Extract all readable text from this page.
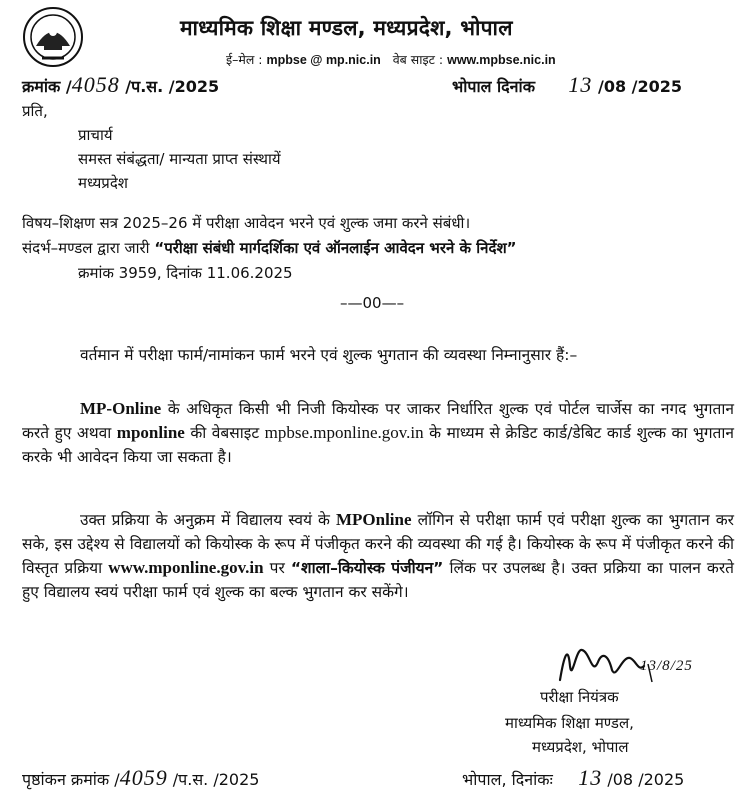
माध्यमिक शिक्षा मण्डल, मध्यप्रदेश, भोपाल
ई–मेल : mpbse @ mp.nic.in वेब साइट : www.mpbse.nic.in
क्रमांक /4058 /प.स. /2025	भोपाल दिनांक 13 /08 /2025
प्रति,
प्राचार्य
समस्त संबंद्धता/ मान्यता प्राप्त संस्थायें
मध्यप्रदेश
विषय–शिक्षण सत्र 2025–26 में परीक्षा आवेदन भरने एवं शुल्क जमा करने संबंधी।
संदर्भ–मण्डल द्वारा जारी “परीक्षा संबंधी मार्गदर्शिका एवं ऑनलाईन आवेदन भरने के निर्देश”
क्रमांक 3959, दिनांक 11.06.2025
–—00—–
वर्तमान में परीक्षा फार्म/नामांकन फार्म भरने एवं शुल्क भुगतान की व्यवस्था निम्नानुसार हैं:–
MP-Online के अधिकृत किसी भी निजी कियोस्क पर जाकर निर्धारित शुल्क एवं पोर्टल चार्जेस का नगद भुगतान करते हुए अथवा mponline की वेबसाइट mpbse.mponline.gov.in के माध्यम से क्रेडिट कार्ड/डेबिट कार्ड शुल्क का भुगतान करके भी आवेदन किया जा सकता है।
उक्त प्रक्रिया के अनुक्रम में विद्यालय स्वयं के MPOnline लॉगिन से परीक्षा फार्म एवं परीक्षा शुल्क का भुगतान कर सके, इस उद्देश्य से विद्यालयों को कियोस्क के रूप में पंजीकृत करने की व्यवस्था की गई है। कियोस्क के रूप में पंजीकृत करने की विस्तृत प्रक्रिया www.mponline.gov.in पर “शाला–कियोस्क पंजीयन” लिंक पर उपलब्ध है। उक्त प्रक्रिया का पालन करते हुए विद्यालय स्वयं परीक्षा फार्म एवं शुल्क का बल्क भुगतान कर सकेंगे।
13/8/25
परीक्षा नियंत्रक
माध्यमिक शिक्षा मण्डल,
मध्यप्रदेश, भोपाल
पृष्ठांकन क्रमांक /4059 /प.स. /2025	भोपाल, दिनांकः 13 /08 /2025
